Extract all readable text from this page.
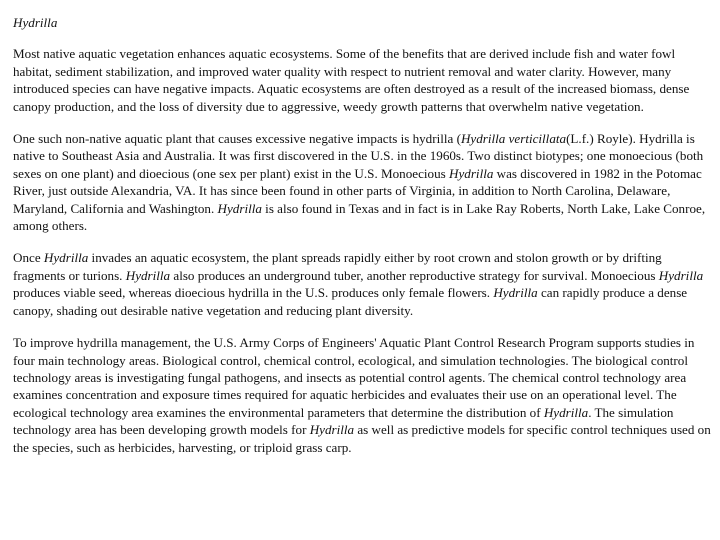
Hydrilla

Most native aquatic vegetation enhances aquatic ecosystems. Some of the benefits that are derived include fish and water fowl habitat, sediment stabilization, and improved water quality with respect to nutrient removal and water clarity. However, many introduced species can have negative impacts. Aquatic ecosystems are often destroyed as a result of the increased biomass, dense canopy production, and the loss of diversity due to aggressive, weedy growth patterns that overwhelm native vegetation.

One such non-native aquatic plant that causes excessive negative impacts is hydrilla (Hydrilla verticillata(L.f.) Royle). Hydrilla is native to Southeast Asia and Australia. It was first discovered in the U.S. in the 1960s. Two distinct biotypes; one monoecious (both sexes on one plant) and dioecious (one sex per plant) exist in the U.S. Monoecious Hydrilla was discovered in 1982 in the Potomac River, just outside Alexandria, VA. It has since been found in other parts of Virginia, in addition to North Carolina, Delaware, Maryland, California and Washington. Hydrilla is also found in Texas and in fact is in Lake Ray Roberts, North Lake, Lake Conroe, among others.

Once Hydrilla invades an aquatic ecosystem, the plant spreads rapidly either by root crown and stolon growth or by drifting fragments or turions. Hydrilla also produces an underground tuber, another reproductive strategy for survival. Monoecious Hydrilla produces viable seed, whereas dioecious hydrilla in the U.S. produces only female flowers. Hydrilla can rapidly produce a dense canopy, shading out desirable native vegetation and reducing plant diversity.

To improve hydrilla management, the U.S. Army Corps of Engineers' Aquatic Plant Control Research Program supports studies in four main technology areas. Biological control, chemical control, ecological, and simulation technologies. The biological control technology areas is investigating fungal pathogens, and insects as potential control agents. The chemical control technology area examines concentration and exposure times required for aquatic herbicides and evaluates their use on an operational level. The ecological technology area examines the environmental parameters that determine the distribution of Hydrilla. The simulation technology area has been developing growth models for Hydrilla as well as predictive models for specific control techniques used on the species, such as herbicides, harvesting, or triploid grass carp.
